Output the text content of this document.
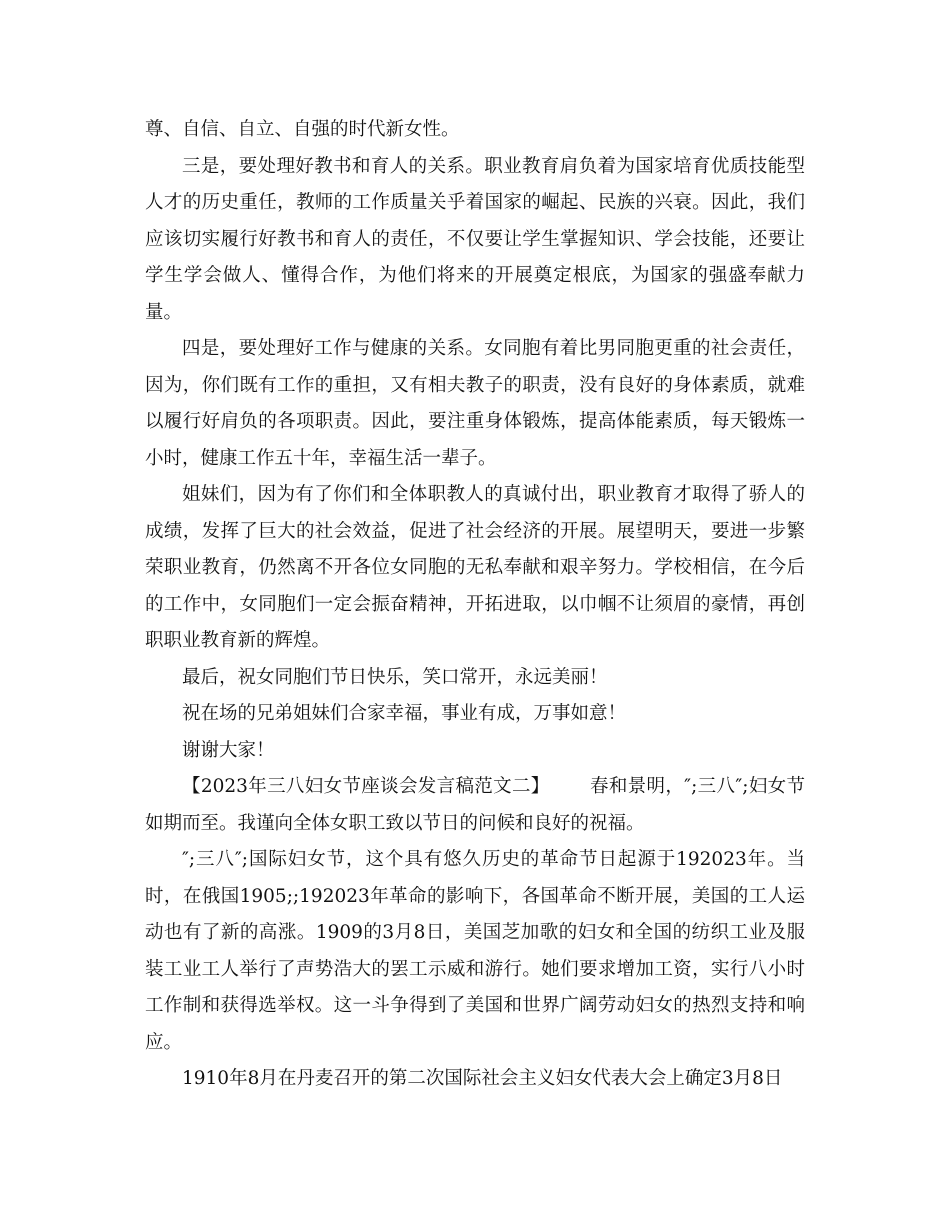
尊、自信、自立、自强的时代新女性。

三是，要处理好教书和育人的关系。职业教育肩负着为国家培育优质技能型人才的历史重任，教师的工作质量关乎着国家的崛起、民族的兴衰。因此，我们应该切实履行好教书和育人的责任，不仅要让学生掌握知识、学会技能，还要让学生学会做人、懂得合作，为他们将来的开展奠定根底，为国家的强盛奉献力量。

四是，要处理好工作与健康的关系。女同胞有着比男同胞更重的社会责任，因为，你们既有工作的重担，又有相夫教子的职责，没有良好的身体素质，就难以履行好肩负的各项职责。因此，要注重身体锻炼，提高体能素质，每天锻炼一小时，健康工作五十年，幸福生活一辈子。

姐妹们，因为有了你们和全体职教人的真诚付出，职业教育才取得了骄人的成绩，发挥了巨大的社会效益，促进了社会经济的开展。展望明天，要进一步繁荣职业教育，仍然离不开各位女同胞的无私奉献和艰辛努力。学校相信，在今后的工作中，女同胞们一定会振奋精神，开拓进取，以巾帼不让须眉的豪情，再创职职业教育新的辉煌。

最后，祝女同胞们节日快乐，笑口常开，永远美丽！

祝在场的兄弟姐妹们合家幸福，事业有成，万事如意！

谢谢大家！

【2023年三八妇女节座谈会发言稿范文二】 春和景明，″;三八″;妇女节如期而至。我谨向全体女职工致以节日的问候和良好的祝福。

″;三八″;国际妇女节，这个具有悠久历史的革命节日起源于192023年。当时，在俄国1905;;192023年革命的影响下，各国革命不断开展，美国的工人运动也有了新的高涨。1909的3月8日，美国芝加歌的妇女和全国的纺织工业及服装工业工人举行了声势浩大的罢工示威和游行。她们要求增加工资，实行八小时工作制和获得选举权。这一斗争得到了美国和世界广阔劳动妇女的热烈支持和响应。

1910年8月在丹麦召开的第二次国际社会主义妇女代表大会上确定3月8日
